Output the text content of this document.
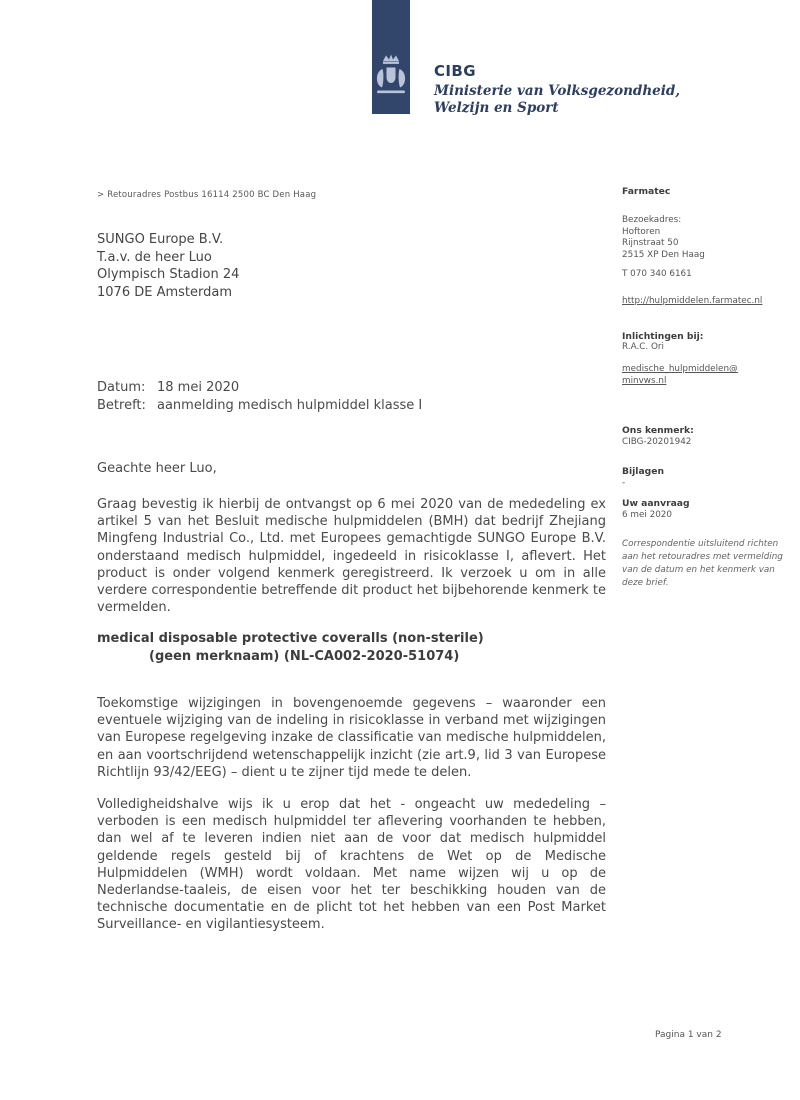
CIBG
Ministerie van Volksgezondheid,
Welzijn en Sport
> Retouradres Postbus 16114 2500 BC Den Haag
SUNGO Europe B.V.
T.a.v. de heer Luo
Olympisch Stadion 24
1076 DE Amsterdam
Datum: 18 mei 2020
Betreft: aanmelding medisch hulpmiddel klasse I
Geachte heer Luo,
Graag bevestig ik hierbij de ontvangst op 6 mei 2020 van de mededeling ex artikel 5 van het Besluit medische hulpmiddelen (BMH) dat bedrijf Zhejiang Mingfeng Industrial Co., Ltd. met Europees gemachtigde SUNGO Europe B.V. onderstaand medisch hulpmiddel, ingedeeld in risicoklasse I, aflevert. Het product is onder volgend kenmerk geregistreerd. Ik verzoek u om in alle verdere correspondentie betreffende dit product het bijbehorende kenmerk te vermelden.
medical disposable protective coveralls (non-sterile)
(geen merknaam) (NL-CA002-2020-51074)
Toekomstige wijzigingen in bovengenoemde gegevens – waaronder een eventuele wijziging van de indeling in risicoklasse in verband met wijzigingen van Europese regelgeving inzake de classificatie van medische hulpmiddelen, en aan voortschrijdend wetenschappelijk inzicht (zie art.9, lid 3 van Europese Richtlijn 93/42/EEG) – dient u te zijner tijd mede te delen.
Volledigheidshalve wijs ik u erop dat het - ongeacht uw mededeling – verboden is een medisch hulpmiddel ter aflevering voorhanden te hebben, dan wel af te leveren indien niet aan de voor dat medisch hulpmiddel geldende regels gesteld bij of krachtens de Wet op de Medische Hulpmiddelen (WMH) wordt voldaan. Met name wijzen wij u op de Nederlandse-taaleis, de eisen voor het ter beschikking houden van de technische documentatie en de plicht tot het hebben van een Post Market Surveillance- en vigilantiesysteem.
Farmatec
Bezoekadres:
Hoftoren
Rijnstraat 50
2515 XP Den Haag
T 070 340 6161
http://hulpmiddelen.farmatec.nl
Inlichtingen bij:
R.A.C. Ori
medische_hulpmiddelen@
minvws.nl
Ons kenmerk:
CIBG-20201942
Bijlagen
-
Uw aanvraag
6 mei 2020
Correspondentie uitsluitend richten aan het retouradres met vermelding van de datum en het kenmerk van deze brief.
Pagina 1 van 2
